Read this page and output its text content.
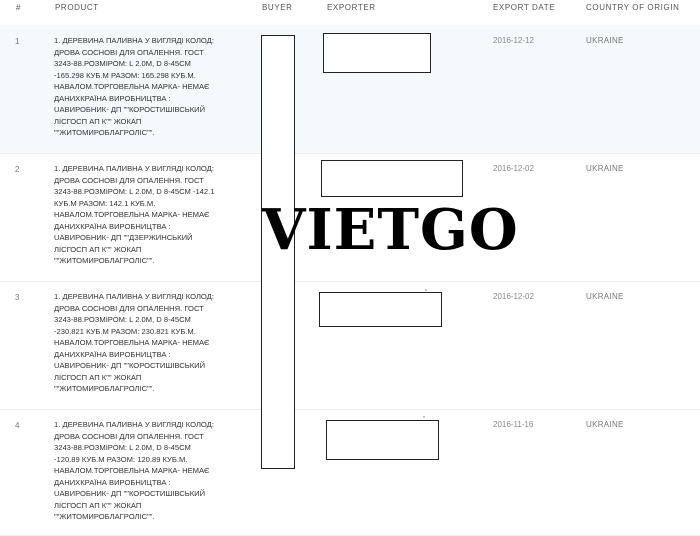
#	PRODUCT	BUYER	EXPORTER	EXPORT DATE	COUNTRY OF ORIGIN
1	1. ДЕРЕВИНА ПАЛИВНА У ВИГЛЯДІ КОЛОД:
ДРОВА СОСНОВІ ДЛЯ ОПАЛЕННЯ. ГОСТ
3243-88.РОЗМІРОМ: L 2.0М, D 8-45СМ
-165.298 КУБ.М РАЗОМ: 165.298 КУБ.М.
НАВАЛОМ.ТОРГОВЕЛЬНА МАРКА- НЕМАЄ
ДАНИХКРАЇНА ВИРОБНИЦТВА :
UAВИРОБНИК- ДП ""КОРОСТИШІВСЬКИЙ
ЛІСГОСП АП К"" ЖОКАП
""ЖИТОМИРОБЛАГРОЛІС"".
2016-12-12	UKRAINE
2	1. ДЕРЕВИНА ПАЛИВНА У ВИГЛЯДІ КОЛОД:
ДРОВА СОСНОВІ ДЛЯ ОПАЛЕННЯ. ГОСТ
3243-88.РОЗМІРОМ: L 2.0М, D 8-45СМ -142.1
КУБ.М РАЗОМ: 142.1 КУБ.М.
НАВАЛОМ.ТОРГОВЕЛЬНА МАРКА- НЕМАЄ
ДАНИХКРАЇНА ВИРОБНИЦТВА :
UAВИРОБНИК- ДП ""ДЗЕРЖИНСЬКИЙ
ЛІСГОСП АП К"" ЖОКАП
""ЖИТОМИРОБЛАГРОЛІС"".
2016-12-02	UKRAINE
3	1. ДЕРЕВИНА ПАЛИВНА У ВИГЛЯДІ КОЛОД:
ДРОВА СОСНОВІ ДЛЯ ОПАЛЕННЯ. ГОСТ
3243-88.РОЗМІРОМ: L 2.0М, D 8-45СМ
-230.821 КУБ.М РАЗОМ: 230.821 КУБ.М.
НАВАЛОМ.ТОРГОВЕЛЬНА МАРКА- НЕМАЄ
ДАНИХКРАЇНА ВИРОБНИЦТВА :
UAВИРОБНИК- ДП ""КОРОСТИШІВСЬКИЙ
ЛІСГОСП АП К"" ЖОКАП
""ЖИТОМИРОБЛАГРОЛІС"".
2016-12-02	UKRAINE
4	1. ДЕРЕВИНА ПАЛИВНА У ВИГЛЯДІ КОЛОД:
ДРОВА СОСНОВІ ДЛЯ ОПАЛЕННЯ. ГОСТ
3243-88.РОЗМІРОМ: L 2.0М, D 8-45СМ
-120.89 КУБ.М РАЗОМ: 120.89 КУБ.М.
НАВАЛОМ.ТОРГОВЕЛЬНА МАРКА- НЕМАЄ
ДАНИХКРАЇНА ВИРОБНИЦТВА :
UAВИРОБНИК- ДП ""КОРОСТИШІВСЬКИЙ
ЛІСГОСП АП К"" ЖОКАП
""ЖИТОМИРОБЛАГРОЛІС"".
2016-11-16	UKRAINE
VIETGO
